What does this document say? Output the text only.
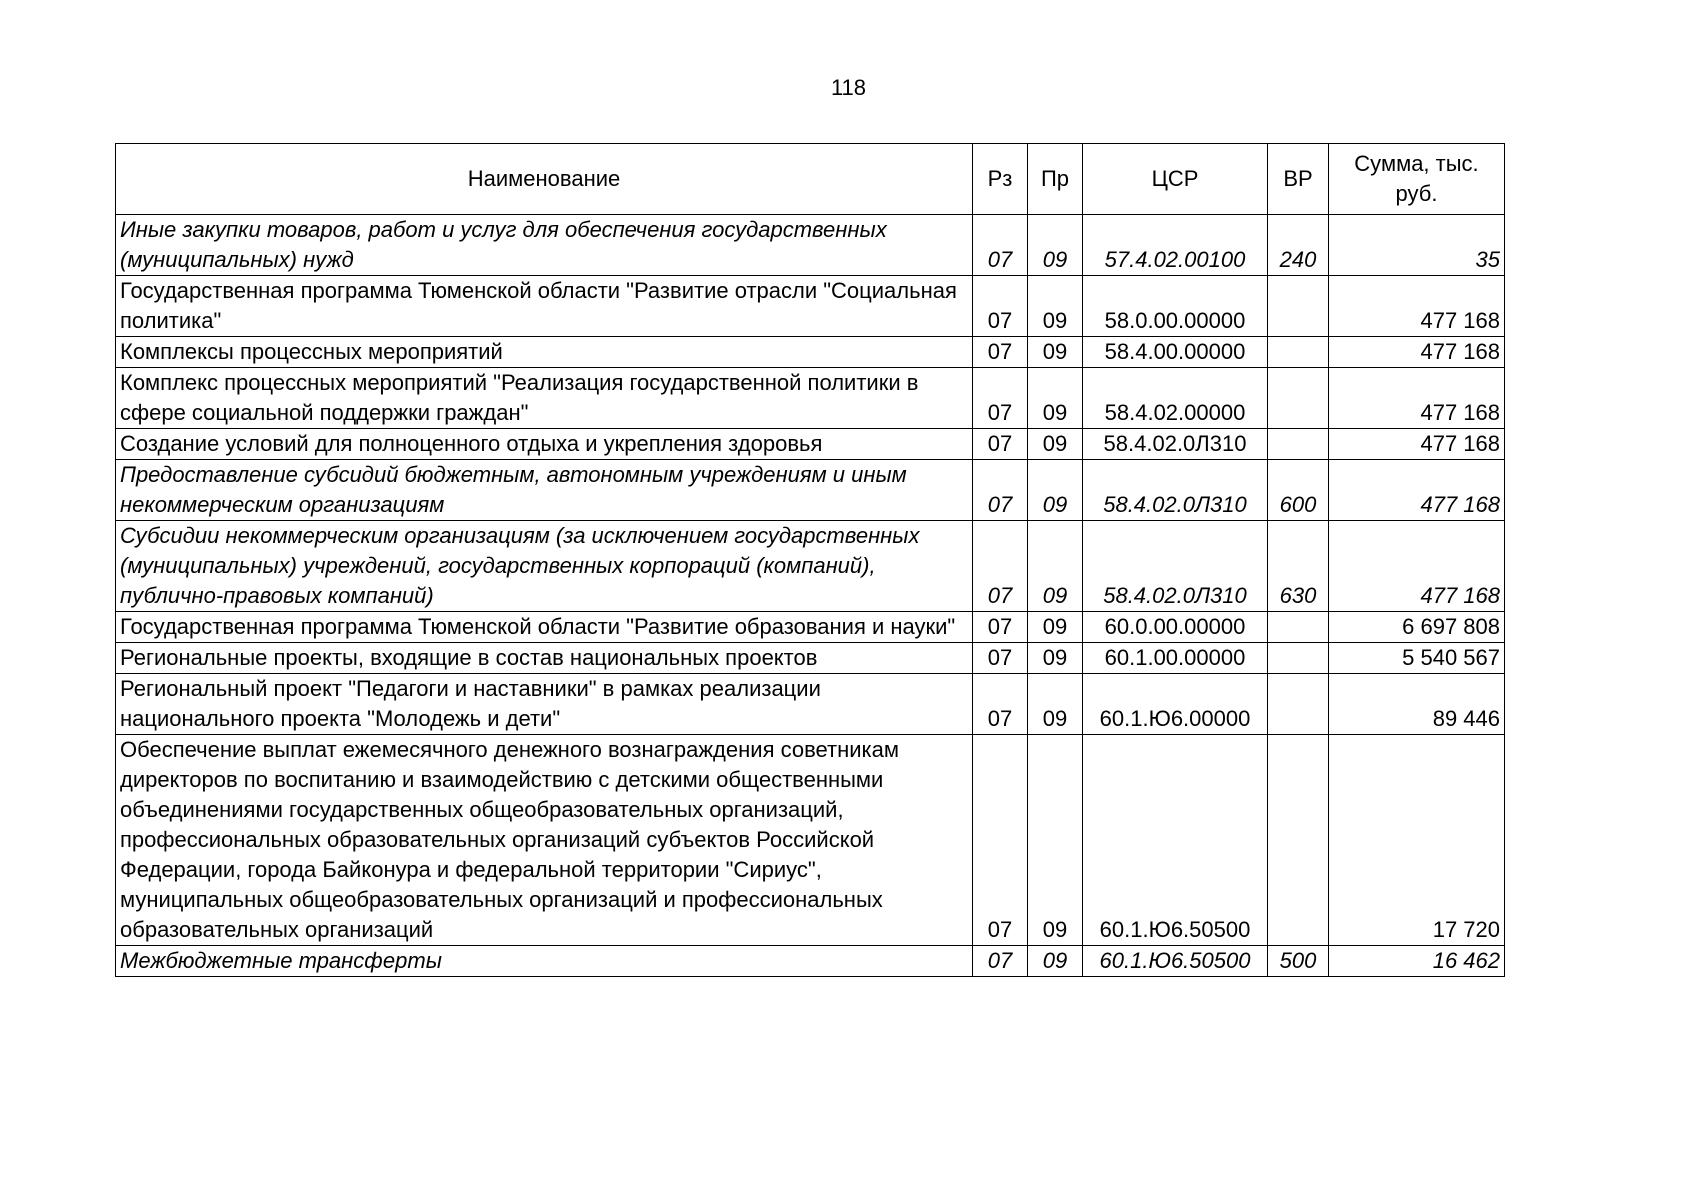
118
Наименование	Рз	Пр	ЦСР	ВР	Сумма, тыс. руб.
Иные закупки товаров, работ и услуг для обеспечения государственных (муниципальных) нужд	07	09	57.4.02.00100	240	35
Государственная программа Тюменской области "Развитие отрасли "Социальная политика"	07	09	58.0.00.00000		477 168
Комплексы процессных мероприятий	07	09	58.4.00.00000		477 168
Комплекс процессных мероприятий "Реализация государственной политики в сфере социальной поддержки граждан"	07	09	58.4.02.00000		477 168
Создание условий для полноценного отдыха и укрепления здоровья	07	09	58.4.02.0Л310		477 168
Предоставление субсидий бюджетным, автономным учреждениям и иным некоммерческим организациям	07	09	58.4.02.0Л310	600	477 168
Субсидии некоммерческим организациям (за исключением государственных (муниципальных) учреждений, государственных корпораций (компаний), публично-правовых компаний)	07	09	58.4.02.0Л310	630	477 168
Государственная программа Тюменской области "Развитие образования и науки"	07	09	60.0.00.00000		6 697 808
Региональные проекты, входящие в состав национальных проектов	07	09	60.1.00.00000		5 540 567
Региональный проект "Педагоги и наставники" в рамках реализации национального проекта "Молодежь и дети"	07	09	60.1.Ю6.00000		89 446
Обеспечение выплат ежемесячного денежного вознаграждения советникам директоров по воспитанию и взаимодействию с детскими общественными объединениями государственных общеобразовательных организаций, профессиональных образовательных организаций субъектов Российской Федерации, города Байконура и федеральной территории "Сириус", муниципальных общеобразовательных организаций и профессиональных образовательных организаций	07	09	60.1.Ю6.50500		17 720
Межбюджетные трансферты	07	09	60.1.Ю6.50500	500	16 462
